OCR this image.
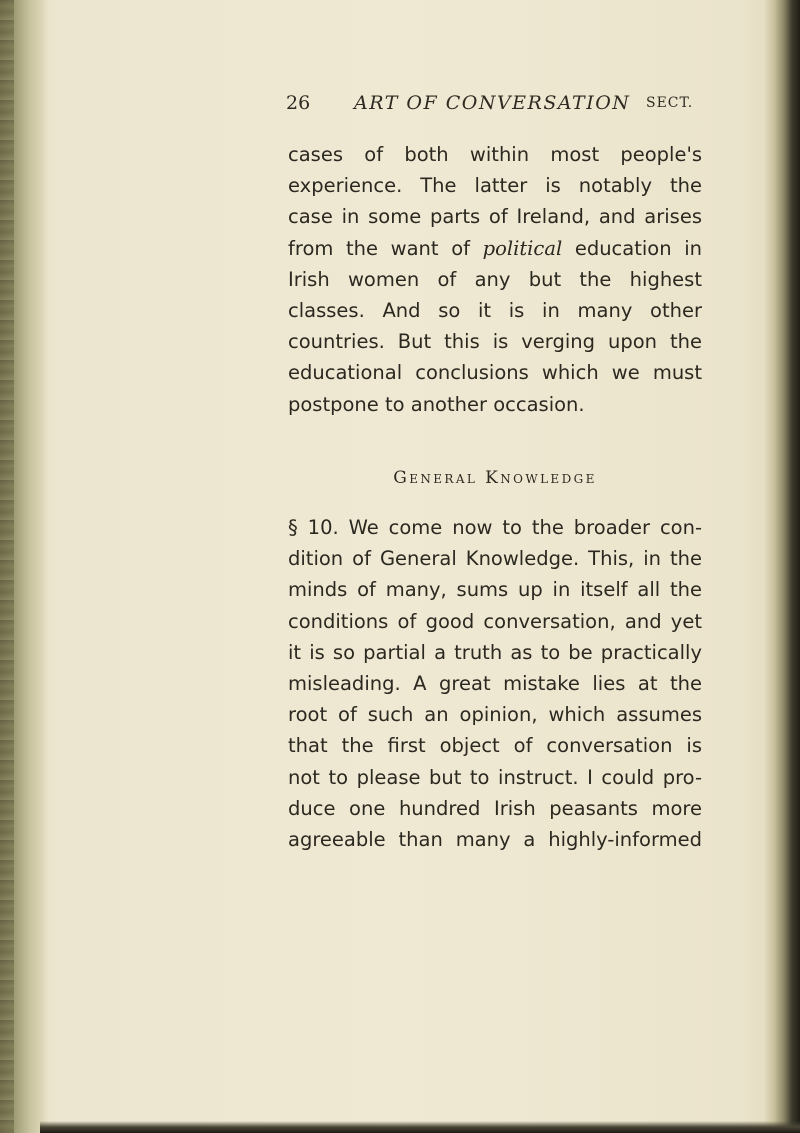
26 ART OF CONVERSATION SECT.
cases of both within most people's
experience. The latter is notably the
case in some parts of Ireland, and arises
from the want of political education in
Irish women of any but the highest
classes. And so it is in many other
countries. But this is verging upon the
educational conclusions which we must
postpone to another occasion.
General Knowledge
§ 10. We come now to the broader con-
dition of General Knowledge. This, in the
minds of many, sums up in itself all the
conditions of good conversation, and yet
it is so partial a truth as to be practically
misleading. A great mistake lies at the
root of such an opinion, which assumes
that the first object of conversation is
not to please but to instruct. I could pro-
duce one hundred Irish peasants more
agreeable than many a highly-informed
